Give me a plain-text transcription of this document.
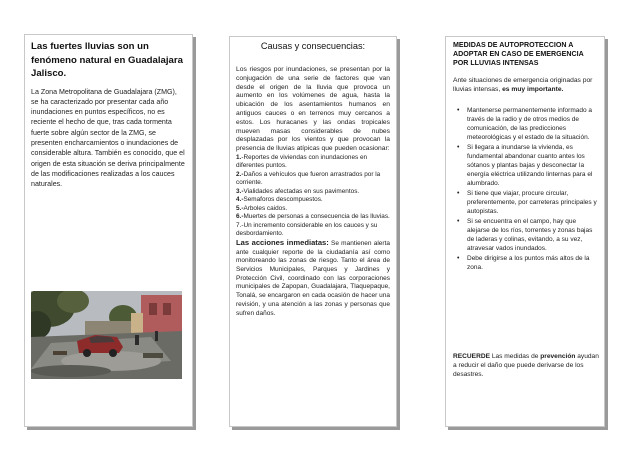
Las fuertes lluvias son un fenómeno natural en Guadalajara Jalisco.

La Zona Metropolitana de Guadalajara (ZMG), se ha caracterizado por presentar cada año inundaciones en puntos específicos, no es reciente el hecho de que, tras cada tormenta fuerte sobre algún sector de la ZMG, se presenten encharcamientos o inundaciones de considerable altura. También es conocido, que el origen de esta situación se deriva principalmente de las modificaciones realizadas a los cauces naturales.

Causas y consecuencias:

Los riesgos por inundaciones, se presentan por la conjugación de una serie de factores que van desde el origen de la lluvia que provoca un aumento en los volúmenes de agua, hasta la ubicación de los asentamientos humanos en antiguos cauces o en terrenos muy cercanos a estos. Los huracanes y las ondas tropicales mueven masas considerables de nubes desplazadas por los vientos y que provocan la presencia de lluvias atípicas que pueden ocasionar:

1.-Reportes de viviendas con inundaciones en diferentes puntos.
2.-Daños a vehículos que fueron arrastrados por la corriente.
3.-Vialidades afectadas en sus pavimentos.
4.-Semaforos descompuestos.
5.-Arboles caidos.
6.-Muertes de personas a consecuencia de las lluvias.
7.-Un incremento considerable en los cauces y su desbordamiento.

Las acciones inmediatas: Se mantienen alerta ante cualquier reporte de la ciudadanía así como monitoreando las zonas de riesgo. Tanto el área de Servicios Municipales, Parques y Jardines y Protección Civil, coordinado con las corporaciones municipales de Zapopan, Guadalajara, Tlaquepaque, Tonalá, se encargaron en cada ocasión de hacer una revisión, y una atención a las zonas y personas que sufren daños.

MEDIDAS DE AUTOPROTECCION A ADOPTAR EN CASO DE EMERGENCIA POR LLUVIAS INTENSAS

Ante situaciones de emergencia originadas por lluvias intensas, es muy importante.

• Mantenerse permanentemente informado a través de la radio y de otros medios de comunicación, de las predicciones meteorológicas y el estado de la situación.
• Si llegara a inundarse la vivienda, es fundamental abandonar cuanto antes los sótanos y plantas bajas y desconectar la energía eléctrica utilizando linternas para el alumbrado.
• Si tiene que viajar, procure circular, preferentemente, por carreteras principales y autopistas.
• Si se encuentra en el campo, hay que alejarse de los ríos, torrentes y zonas bajas de laderas y colinas, evitando, a su vez, atravesar vados inundados.
• Debe dirigirse a los puntos más altos de la zona.

RECUERDE Las medidas de prevención ayudan a reducir el daño que puede derivarse de los desastres.
